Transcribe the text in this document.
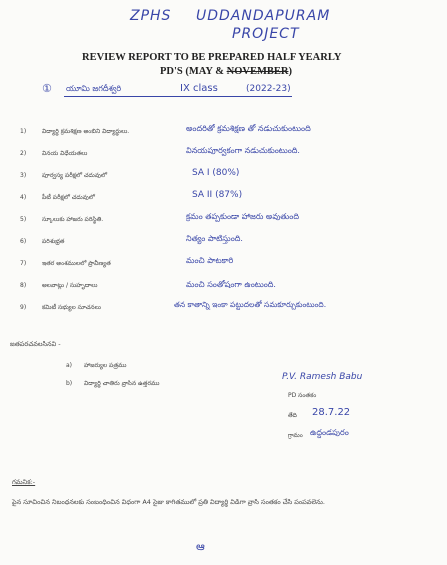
ZPHS UDDANDAPURAM
PROJECT
REVIEW REPORT TO BE PREPARED HALF YEARLY
PD'S (MAY & NOVEMBER)
① యూమి జగదీశ్వరి	IX class	(2022-23)
1)	విద్యార్థి క్రమశిక్షణ అంబిని విద్యార్థులు.	అందరితో క్రమశిక్షణ తో నడుచుకుంటుంది
2)	వినయ విధేయతలు	వినయపూర్వకంగా నడుచుకుంటుంది.
3)	పూర్వస్య పరీక్షలో చదువులో	SA I (80%)
4)	పీటీ పరీక్షలో చదువులో	SA II (87%)
5)	స్కూలుకు హాజరు పరిస్థితి.	క్రమం తప్పకుండా హాజరు అవుతుంది
6)	పరిశుభ్రత	నిత్యం పాటిస్తుంది.
7)	ఇతర అంశములలో ప్రావీణ్యత	మంచి పాటకారి
8)	అలవాట్లు / సుహృదాలు	మంచి సంతోషంగా ఉంటుంది.
9)	కమిటీ సభ్యుల సూచనలు	తన కాతాన్ని ఇంకా పట్టుదలతో సమకూర్చుకుంటుంది.
జతపరచవలసినవి -
a) హాజర్యుల పత్రము
b) విద్యార్థి చాతిరు వ్రాసిన ఉత్తరము
P.V. Ramesh Babu
PD సంతకం
తేది 28.7.22
గ్రామం ఉద్దండపురం
గమనిక:-
పైన సూచించిన నిబంధనలకు సంబంధించిన విధంగా A4 సైజు కాగితములో ప్రతి విద్యార్థి విడిగా వ్రాసి సంతకం చేసి పంపవలెను.
ఆ
